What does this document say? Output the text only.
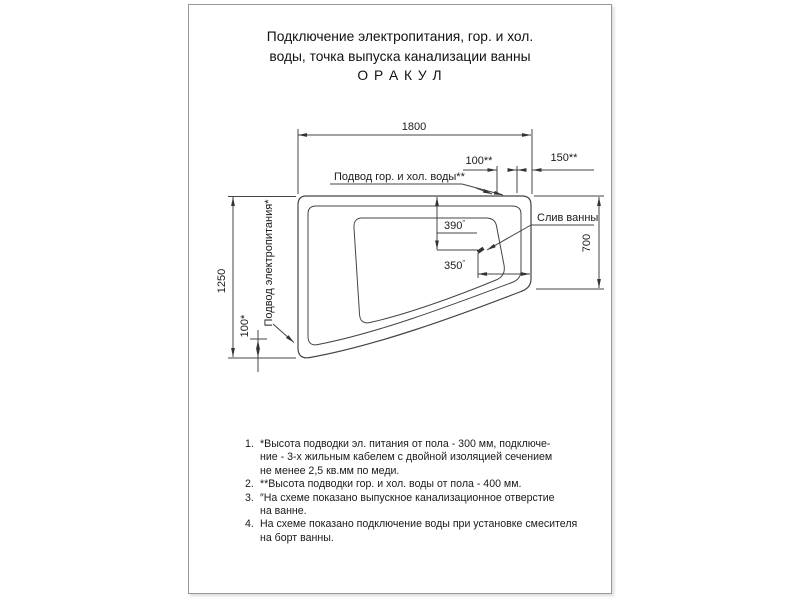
Подключение электропитания, гор. и хол.
воды, точка выпуска канализации ванны
О Р А К У Л
1. *Высота подводки эл. питания от пола - 300 мм, подключе-
ние - 3-х жильным кабелем с двойной изоляцией сечением
не менее 2,5 кв.мм по меди.
2. **Высота подводки гор. и хол. воды от пола - 400 мм.
3. ″На схеме показано выпускное канализационное отверстие
на ванне.
4. На схеме показано подключение воды при установке смесителя
на борт ванны.
1800
100**	150**
Подвод гор. и хол. воды**
1250
100* Подвод электропитания*	700
Слив ванны
390″
350″
